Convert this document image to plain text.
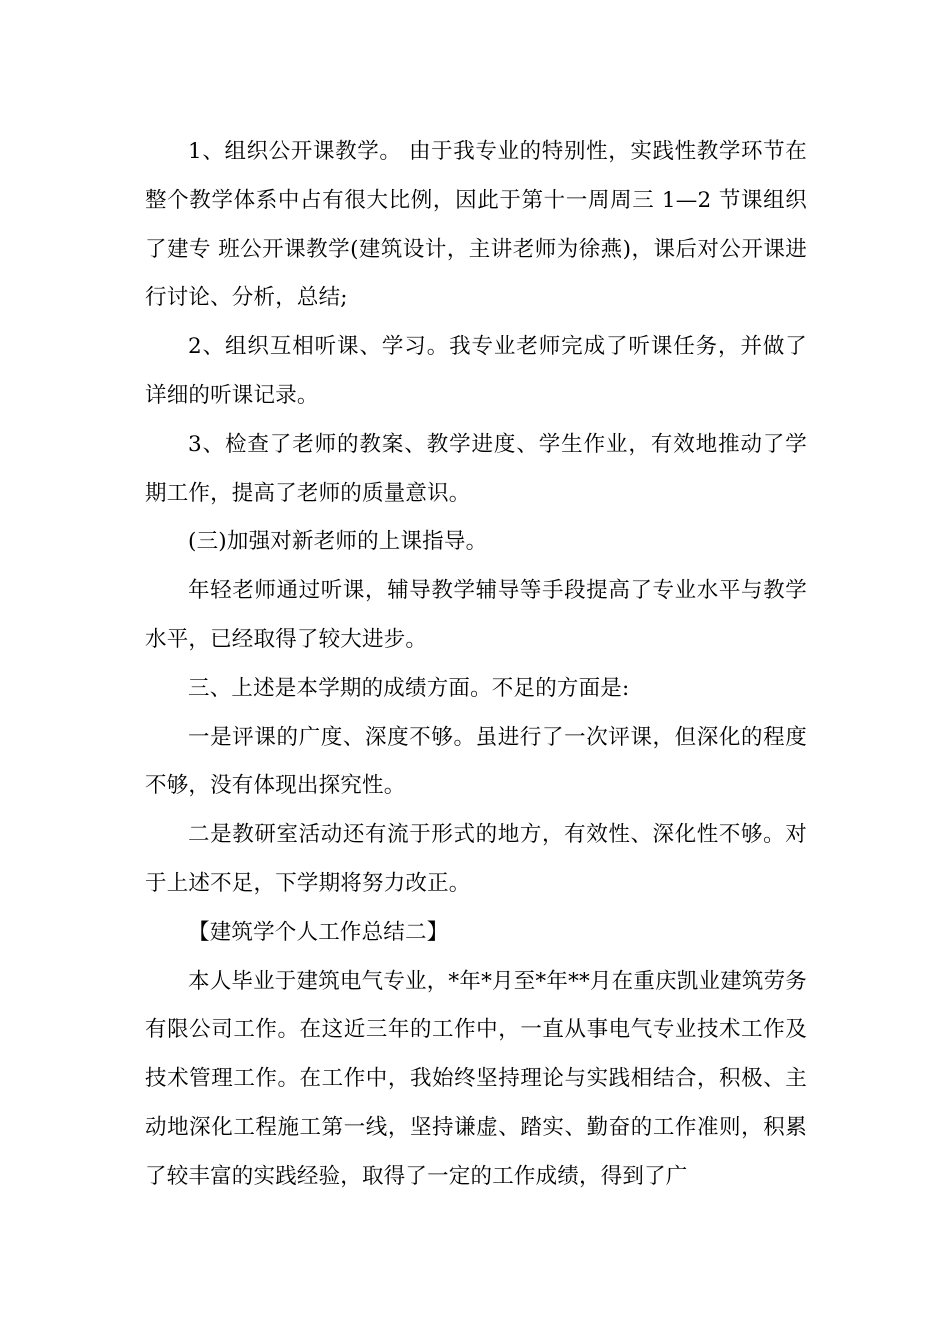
1、组织公开课教学。 由于我专业的特别性，实践性教学环节在整个教学体系中占有很大比例，因此于第十一周周三 1—2 节课组织了建专 班公开课教学(建筑设计，主讲老师为徐燕)，课后对公开课进行讨论、分析，总结;

2、组织互相听课、学习。我专业老师完成了听课任务，并做了详细的听课记录。

3、检查了老师的教案、教学进度、学生作业，有效地推动了学期工作，提高了老师的质量意识。

(三)加强对新老师的上课指导。

年轻老师通过听课，辅导教学辅导等手段提高了专业水平与教学水平，已经取得了较大进步。

三、上述是本学期的成绩方面。不足的方面是:

一是评课的广度、深度不够。虽进行了一次评课，但深化的程度不够，没有体现出探究性。

二是教研室活动还有流于形式的地方，有效性、深化性不够。对于上述不足，下学期将努力改正。

【建筑学个人工作总结二】

本人毕业于建筑电气专业，*年*月至*年**月在重庆凯业建筑劳务有限公司工作。在这近三年的工作中，一直从事电气专业技术工作及技术管理工作。在工作中，我始终坚持理论与实践相结合，积极、主动地深化工程施工第一线，坚持谦虚、踏实、勤奋的工作准则，积累了较丰富的实践经验，取得了一定的工作成绩，得到了广
